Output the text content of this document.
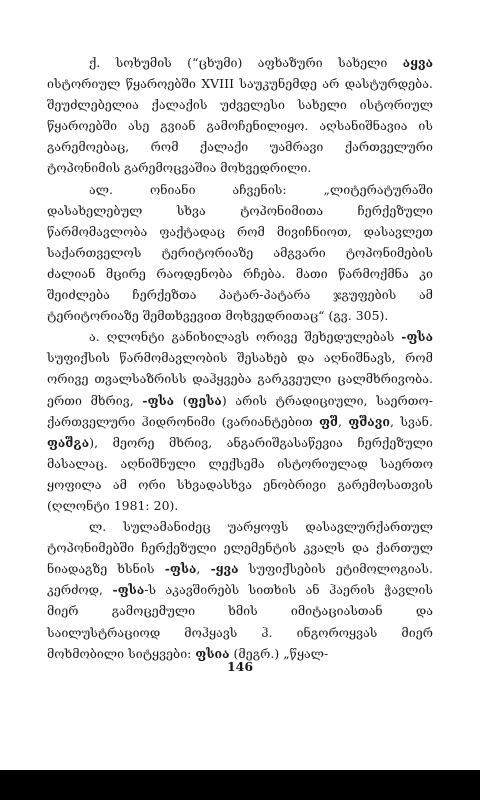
ქ. სოხუმის (“ცხუმი) აფხაზური სახელი აყვა ისტორიულ წყაროებში XVIII საუკუნემდე არ დასტურდება. შეუძლებელია ქალაქის უძველესი სახელი ისტორიულ წყაროებში ასე გვიან გამოჩენილიყო. აღსანიშნავია ის გარემოებაც, რომ ქალაქი უამრავი ქართველური ტოპონიმის გარემოცვაშია მოხვედრილი.

ალ. ონიანი აჩვენის: „ლიტერატურაში დასახელებულ სხვა ტოპონიმითა ჩერქეზული წარმომავლობა ფაქტადაც რომ მივიჩნიოთ, დასავლეთ საქართველოს ტერიტორიაზე ამგვარი ტოპონიმების ძალიან მცირე რაოდენობა რჩება. მათი წარმოქმნა კი შეიძლება ჩერქეზთა პატარ-პატარა ჯგუფების ამ ტერიტორიაზე შემთხვევით მოხვედრითაც“ (გვ. 305).

ა. ღლონტი განიხილავს ორივე შეხედულებას -ფსა სუფიქსის წარმომავლობის შესახებ და აღნიშნავს, რომ ორივე თვალსაზრისს დაჰყვება გარკვეული ცალმხრივობა. ერთი მხრივ, -ფსა (ფესა) არის ტრადიციული, საერთო-ქართველური ჰიდრონიმი (ვარიანტებით ფშ, ფშავი, სვან. ფაშჷა), მეორე მხრივ, ანგარიშგასაწევია ჩერქეზული მასალაც. აღნიშნული ლექსემა ისტორიულად საერთო ყოფილა ამ ორი სხვადასხვა ენობრივი გარემოსათვის (ღლონტი 1981: 20).

ლ. სულამანიძეც უარყოფს დასავლურქართულ ტოპონიმებში ჩერქეზული ელემენტის კვალს და ქართულ ნიადაგზე ხსნის -ფსა, -ყვა სუფიქსების ეტიმოლოგიას. კერძოდ, -ფსა-ს აკავშირებს სითხის ან ჰაერის ჭავლის მიერ გამოცემული ხმის იმიტაციასთან და საილუსტრაციოდ მოჰყავს ჰ. ინგოროყვას მიერ მოხმობილი სიტყვები: ფსია (მეგრ.) „წყალ-

146
